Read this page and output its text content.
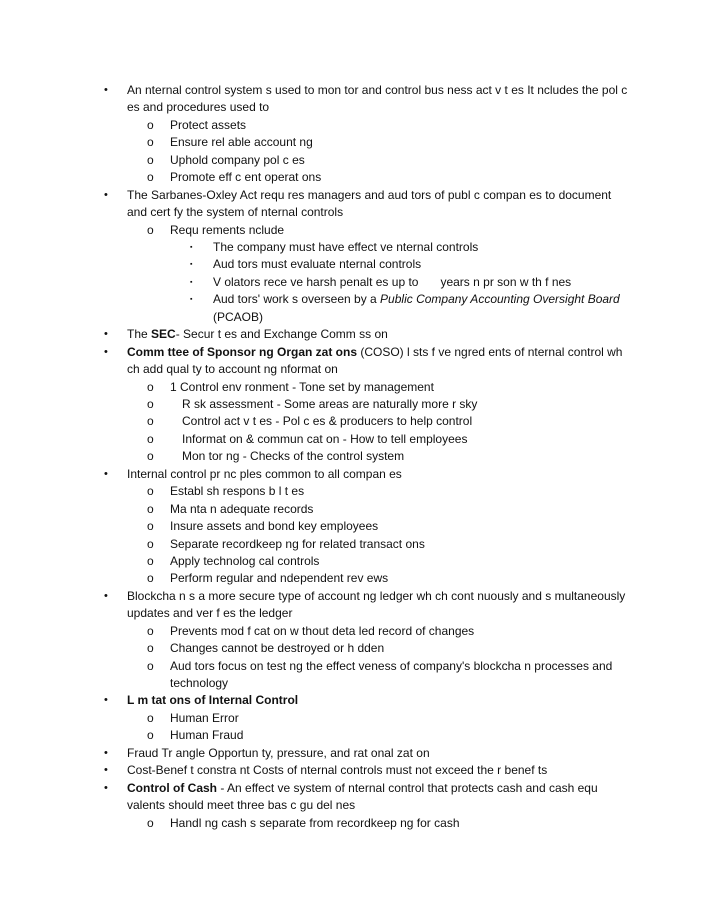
• An nternal control system s used to mon tor and control bus ness act v t es It ncludes the pol c es and procedures used to
o Protect assets
o Ensure rel able account ng
o Uphold company pol c es
o Promote eff c ent operat ons
• The Sarbanes-Oxley Act requ res managers and aud tors of publ c compan es to document and cert fy the system of nternal controls
o Requ rements nclude
▪ The company must have effect ve nternal controls
▪ Aud tors must evaluate nternal controls
▪ V olators rece ve harsh penalt es up to years n pr son w th f nes
▪ Aud tors' work s overseen by a Public Company Accounting Oversight Board
(PCAOB)
• The SEC- Secur t es and Exchange Comm ss on
• Comm ttee of Sponsor ng Organ zat ons (COSO) l sts f ve ngred ents of nternal control wh ch add qual ty to account ng nformat on
o 1 Control env ronment - Tone set by management
o R sk assessment - Some areas are naturally more r sky
o Control act v t es - Pol c es & producers to help control
o Informat on & commun cat on - How to tell employees
o Mon tor ng - Checks of the control system
• Internal control pr nc ples common to all compan es
o Establ sh respons b l t es
o Ma nta n adequate records
o Insure assets and bond key employees
o Separate recordkeep ng for related transact ons
o Apply technolog cal controls
o Perform regular and ndependent rev ews
• Blockcha n s a more secure type of account ng ledger wh ch cont nuously and s multaneously updates and ver f es the ledger
o Prevents mod f cat on w thout deta led record of changes
o Changes cannot be destroyed or h dden
o Aud tors focus on test ng the effect veness of company's blockcha n processes and technology
• L m tat ons of Internal Control
o Human Error
o Human Fraud
• Fraud Tr angle Opportun ty, pressure, and rat onal zat on
• Cost-Benef t constra nt Costs of nternal controls must not exceed the r benef ts
• Control of Cash - An effect ve system of nternal control that protects cash and cash equ valents should meet three bas c gu del nes
o Handl ng cash s separate from recordkeep ng for cash
